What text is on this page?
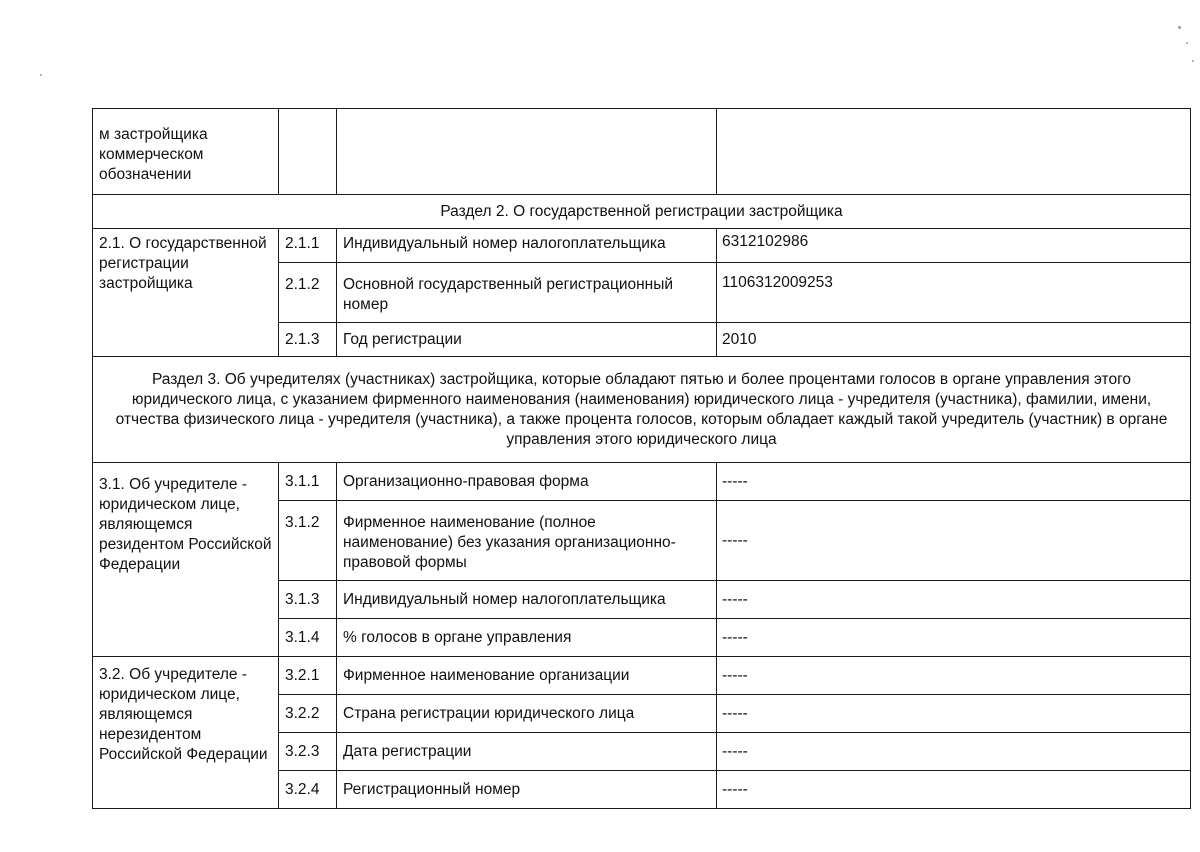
м застройщика коммерческом обозначении			
Раздел 2. О государственной регистрации застройщика			
2.1. О государственной регистрации застройщика	2.1.1	Индивидуальный номер налогоплательщика	6312102986
	2.1.2	Основной государственный регистрационный номер	1106312009253
	2.1.3	Год регистрации	2010
Раздел 3. Об учредителях (участниках) застройщика, которые обладают пятью и более процентами голосов в органе управления этого юридического лица, с указанием фирменного наименования (наименования) юридического лица - учредителя (участника), фамилии, имени, отчества физического лица - учредителя (участника), а также процента голосов, которым обладает каждый такой учредитель (участник) в органе управления этого юридического лица			
3.1. Об учредителе - юридическом лице, являющемся резидентом Российской Федерации	3.1.1	Организационно-правовая форма	-----
	3.1.2	Фирменное наименование (полное наименование) без указания организационно-правовой формы	-----
	3.1.3	Индивидуальный номер налогоплательщика	-----
	3.1.4	% голосов в органе управления	-----
3.2. Об учредителе - юридическом лице, являющемся нерезидентом Российской Федерации	3.2.1	Фирменное наименование организации	-----
	3.2.2	Страна регистрации юридического лица	-----
	3.2.3	Дата регистрации	-----
	3.2.4	Регистрационный номер	-----
